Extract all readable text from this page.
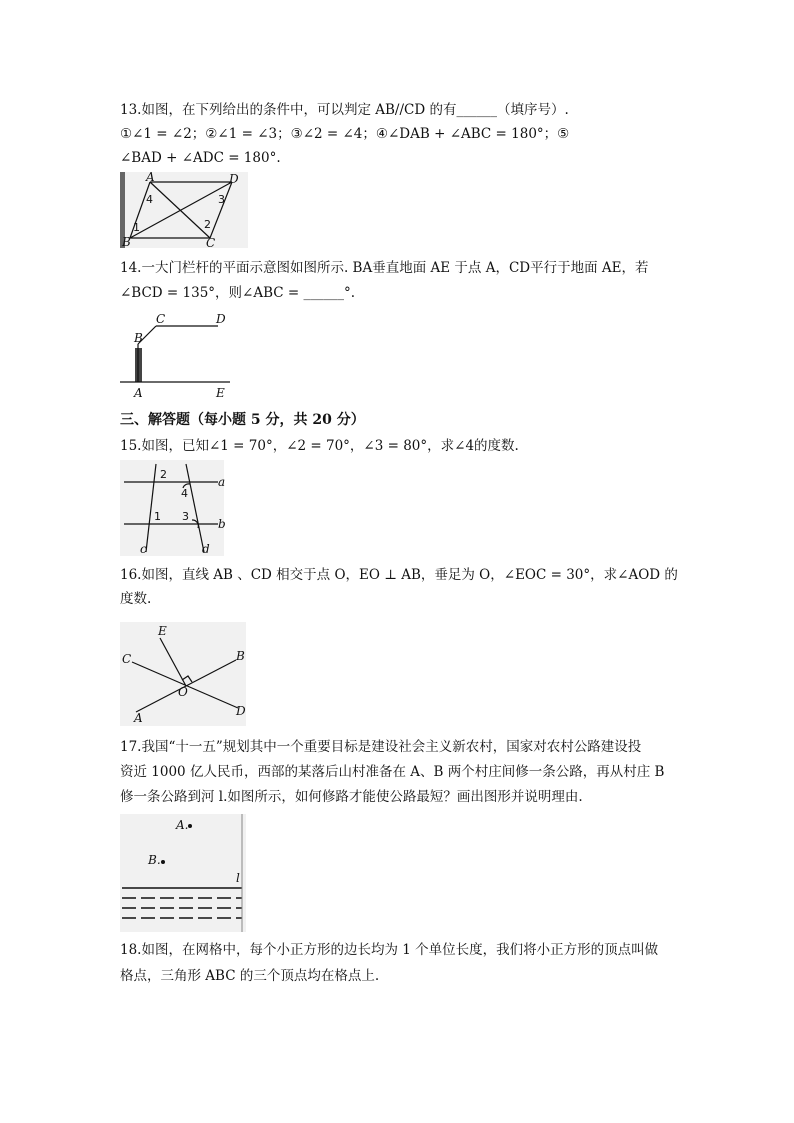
13.如图，在下列给出的条件中，可以判定 AB//CD 的有______（填序号）.
①∠1 = ∠2；②∠1 = ∠3；③∠2 = ∠4；④∠DAB + ∠ABC = 180°；⑤
∠BAD + ∠ADC = 180°.
A	D
B	C
4	3
1	2
14.一大门栏杆的平面示意图如图所示. BA垂直地面 AE 于点 A，CD平行于地面 AE，若
∠BCD = 135°，则∠ABC = ______°.
B
C	D
A	E
三、解答题（每小题 5 分，共 20 分）
15.如图，已知∠1 = 70°，∠2 = 70°，∠3 = 80°，求∠4的度数.
2
4
1 3
a
b
c	d
16.如图，直线 AB 、CD 相交于点 O，EO ⊥ AB，垂足为 O，∠EOC = 30°，求∠AOD 的
度数.
E
C	B
O
A	D
17.我国“十一五”规划其中一个重要目标是建设社会主义新农村，国家对农村公路建设投
资近 1000 亿人民币，西部的某落后山村准备在 A、B 两个村庄间修一条公路，再从村庄 B
修一条公路到河 l.如图所示，如何修路才能使公路最短？画出图形并说明理由.
A.
B.
l
18.如图，在网格中，每个小正方形的边长均为 1 个单位长度，我们将小正方形的顶点叫做
格点，三角形 ABC 的三个顶点均在格点上.
